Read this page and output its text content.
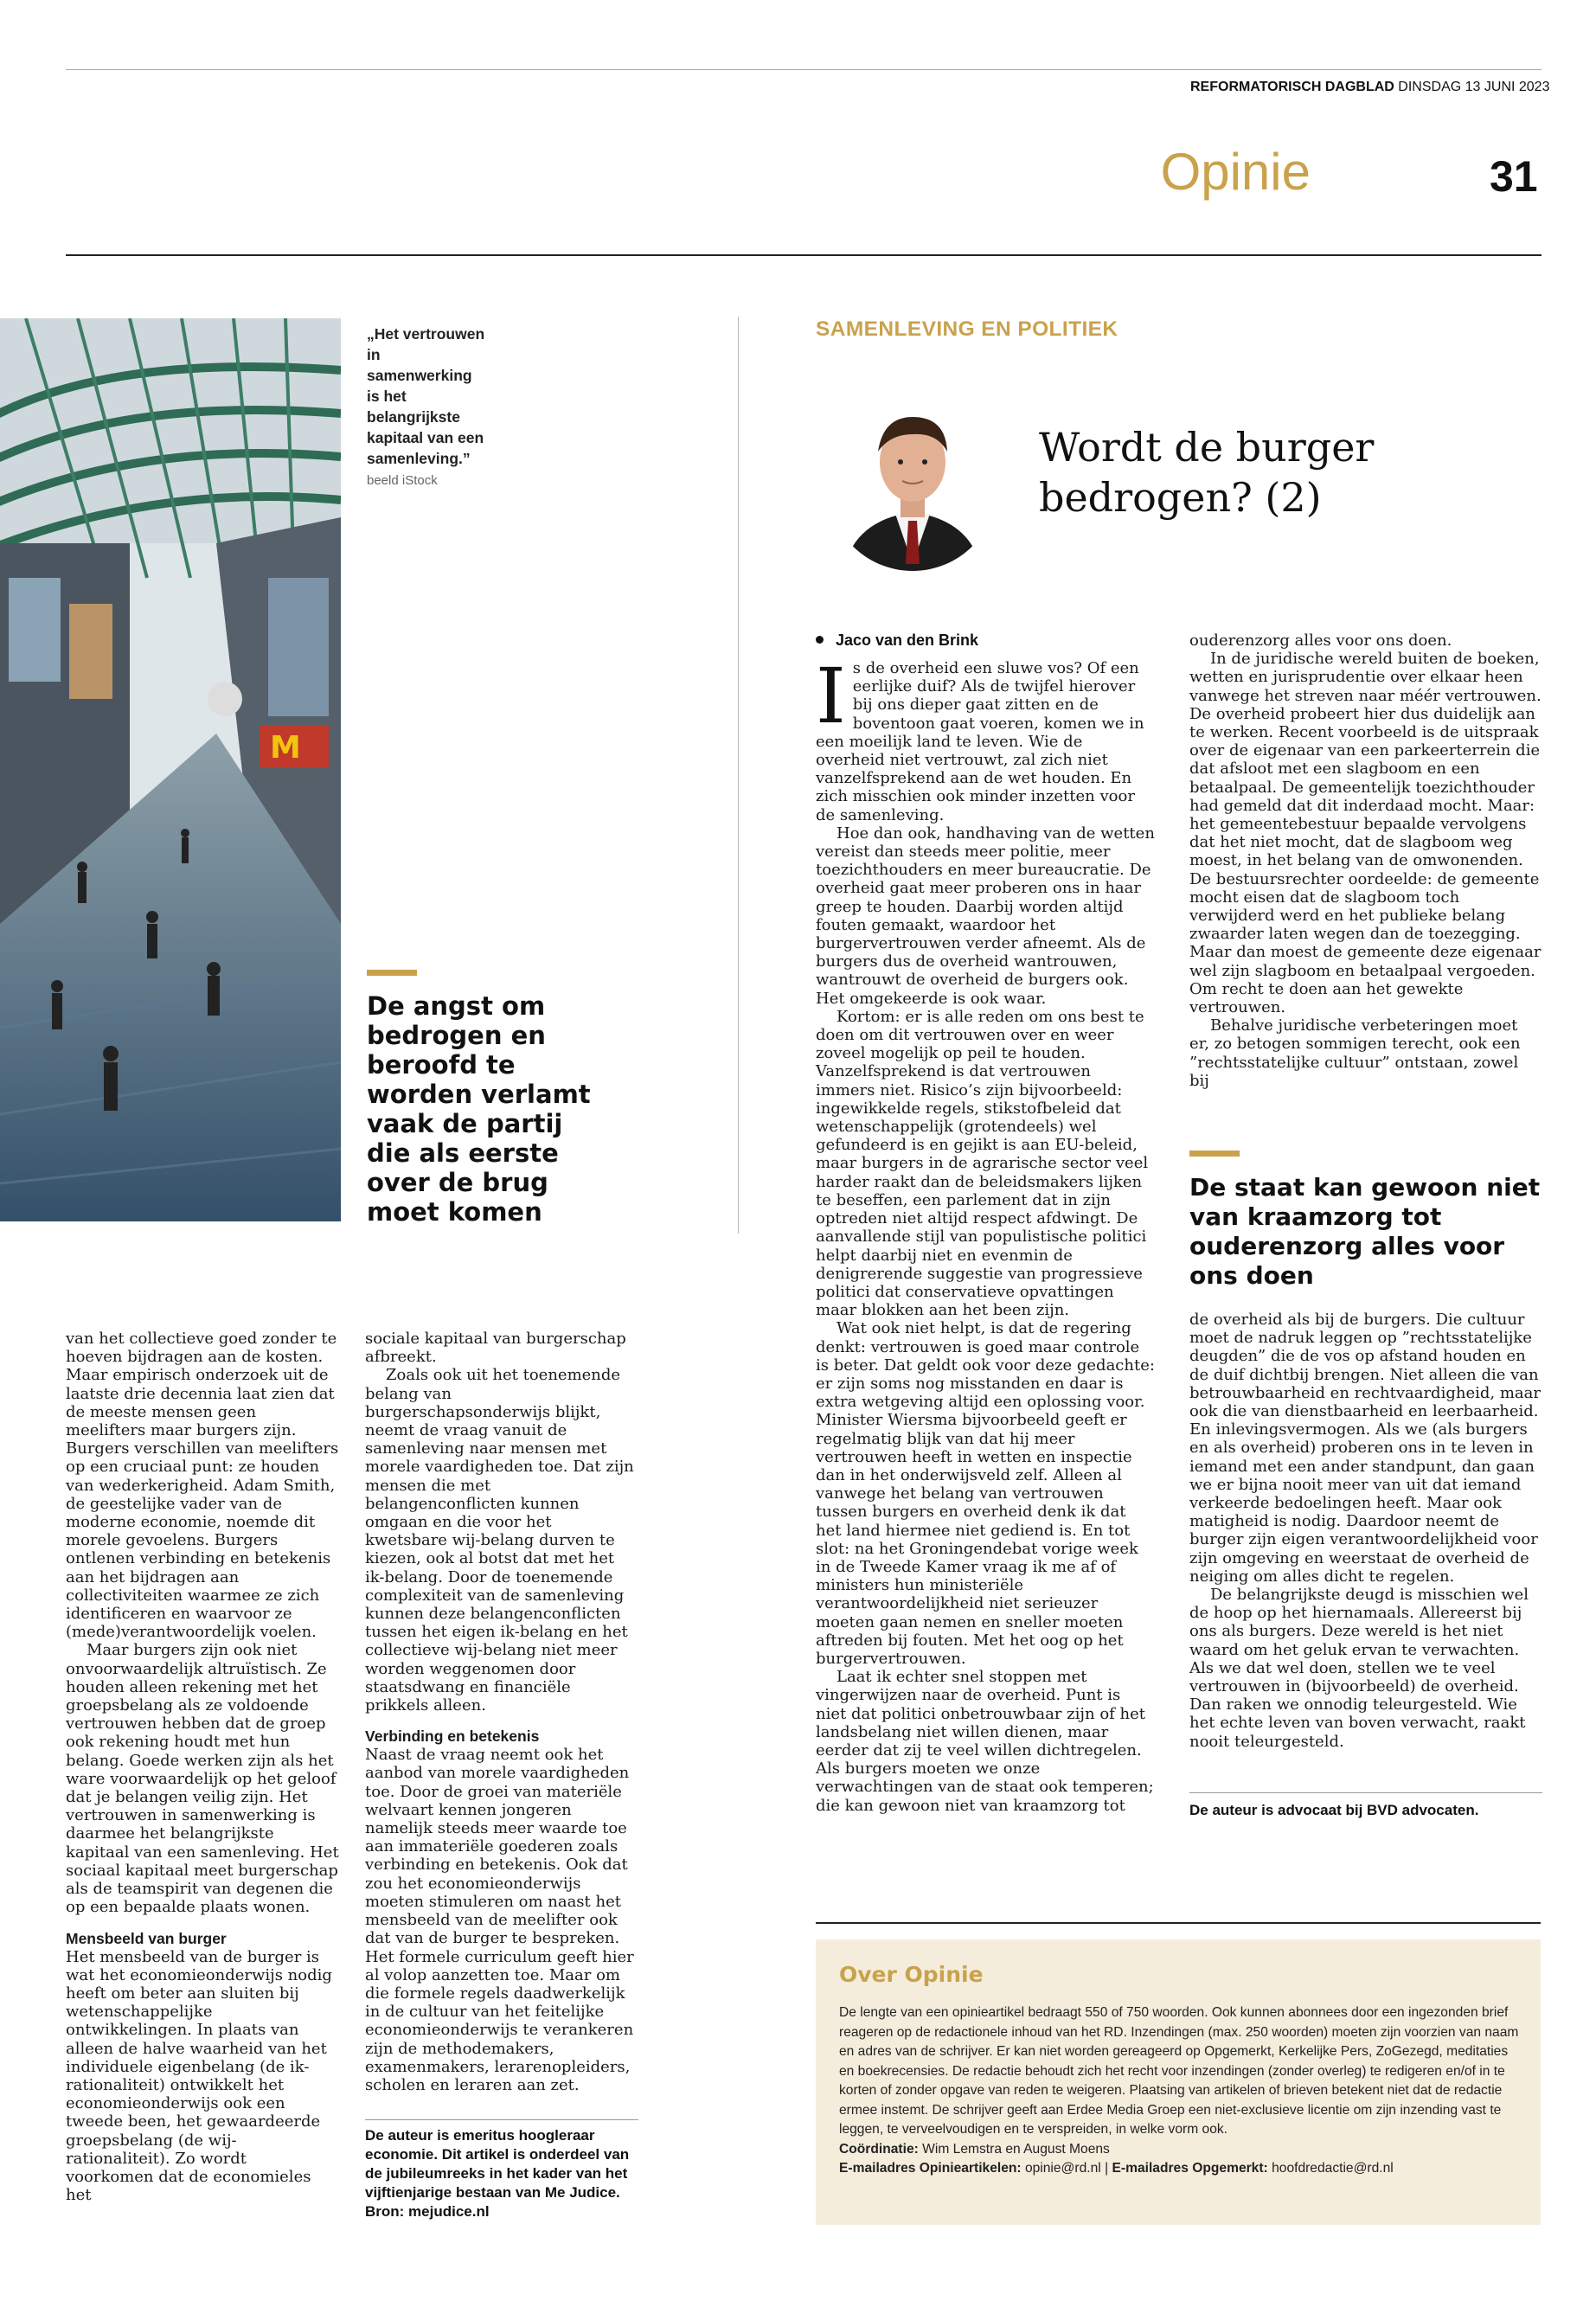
REFORMATORISCH DAGBLAD DINSDAG 13 JUNI 2023
Opinie	31
M
„Het vertrouwen in samenwerking is het belangrijkste kapitaal van een samenleving.” beeld iStock
De angst om bedrogen en beroofd te worden verlamt vaak de partij die als eerste over de brug moet komen

van het collectieve goed zonder te hoeven bijdragen aan de kosten. Maar empirisch onderzoek uit de laatste drie decennia laat zien dat de meeste mensen geen meelifters maar burgers zijn. Burgers verschillen van meelifters op een cruciaal punt: ze houden van wederkerigheid. Adam Smith, de geestelijke vader van de moderne economie, noemde dit morele gevoelens. Burgers ontlenen verbinding en betekenis aan het bijdragen aan collectiviteiten waarmee ze zich identificeren en waarvoor ze (mede)verantwoordelijk voelen.

Maar burgers zijn ook niet onvoorwaardelijk altruïstisch. Ze houden alleen rekening met het groepsbelang als ze voldoende vertrouwen hebben dat de groep ook rekening houdt met hun belang. Goede werken zijn als het ware voorwaardelijk op het geloof dat je belangen veilig zijn. Het vertrouwen in samenwerking is daarmee het belangrijkste kapitaal van een samenleving. Het sociaal kapitaal meet burgerschap als de teamspirit van degenen die op een bepaalde plaats wonen.

Mensbeeld van burger

Het mensbeeld van de burger is wat het economieonderwijs nodig heeft om beter aan sluiten bij wetenschappelijke ontwikkelingen. In plaats van alleen de halve waarheid van het individuele eigenbelang (de ik-rationaliteit) ontwikkelt het economieonderwijs ook een tweede been, het gewaardeerde groepsbelang (de wij-rationaliteit). Zo wordt voorkomen dat de economieles het

sociale kapitaal van burgerschap afbreekt.

Zoals ook uit het toenemende belang van burgerschapsonderwijs blijkt, neemt de vraag vanuit de samenleving naar mensen met morele vaardigheden toe. Dat zijn mensen die met belangenconflicten kunnen omgaan en die voor het kwetsbare wij-belang durven te kiezen, ook al botst dat met het ik-belang. Door de toenemende complexiteit van de samenleving kunnen deze belangenconflicten tussen het eigen ik-belang en het collectieve wij-belang niet meer worden weggenomen door staatsdwang en financiële prikkels alleen.

Verbinding en betekenis

Naast de vraag neemt ook het aanbod van morele vaardigheden toe. Door de groei van materiële welvaart kennen jongeren namelijk steeds meer waarde toe aan immateriële goederen zoals verbinding en betekenis. Ook dat zou het economieonderwijs moeten stimuleren om naast het mensbeeld van de meelifter ook dat van de burger te bespreken. Het formele curriculum geeft hier al volop aanzetten toe. Maar om die formele regels daadwerkelijk in de cultuur van het feitelijke economieonderwijs te verankeren zijn de methodemakers, examenmakers, lerarenopleiders, scholen en leraren aan zet.

De auteur is emeritus hoogleraar economie. Dit artikel is onderdeel van de jubileumreeks in het kader van het vijftienjarige bestaan van Me Judice. Bron: mejudice.nl
SAMENLEVING EN POLITIEK
Wordt de burger bedrogen? (2)
Jaco van den Brink

Is de overheid een sluwe vos? Of een eerlijke duif? Als de twijfel hierover bij ons dieper gaat zitten en de boventoon gaat voeren, komen we in een moeilijk land te leven. Wie de overheid niet vertrouwt, zal zich niet vanzelfsprekend aan de wet houden. En zich misschien ook minder inzetten voor de samenleving.

Hoe dan ook, handhaving van de wetten vereist dan steeds meer politie, meer toezichthouders en meer bureaucratie. De overheid gaat meer proberen ons in haar greep te houden. Daarbij worden altijd fouten gemaakt, waardoor het burgervertrouwen verder afneemt. Als de burgers dus de overheid wantrouwen, wantrouwt de overheid de burgers ook. Het omgekeerde is ook waar.

Kortom: er is alle reden om ons best te doen om dit vertrouwen over en weer zoveel mogelijk op peil te houden. Vanzelfsprekend is dat vertrouwen immers niet. Risico’s zijn bijvoorbeeld: ingewikkelde regels, stikstofbeleid dat wetenschappelijk (grotendeels) wel gefundeerd is en gejikt is aan EU-beleid, maar burgers in de agrarische sector veel harder raakt dan de beleidsmakers lijken te beseffen, een parlement dat in zijn optreden niet altijd respect afdwingt. De aanvallende stijl van populistische politici helpt daarbij niet en evenmin de denigrerende suggestie van progressieve politici dat conservatieve opvattingen maar blokken aan het been zijn.

Wat ook niet helpt, is dat de regering denkt: vertrouwen is goed maar controle is beter. Dat geldt ook voor deze gedachte: er zijn soms nog misstanden en daar is extra wetgeving altijd een oplossing voor. Minister Wiersma bijvoorbeeld geeft er regelmatig blijk van dat hij meer vertrouwen heeft in wetten en inspectie dan in het onderwijsveld zelf. Alleen al vanwege het belang van vertrouwen tussen burgers en overheid denk ik dat het land hiermee niet gediend is. En tot slot: na het Groningendebat vorige week in de Tweede Kamer vraag ik me af of ministers hun ministeriële verantwoordelijkheid niet serieuzer moeten gaan nemen en sneller moeten aftreden bij fouten. Met het oog op het burgervertrouwen.

Laat ik echter snel stoppen met vingerwijzen naar de overheid. Punt is niet dat politici onbetrouwbaar zijn of het landsbelang niet willen dienen, maar eerder dat zij te veel willen dichtregelen. Als burgers moeten we onze verwachtingen van de staat ook temperen; die kan gewoon niet van kraamzorg tot

ouderenzorg alles voor ons doen.

In de juridische wereld buiten de boeken, wetten en jurisprudentie over elkaar heen vanwege het streven naar méér vertrouwen. De overheid probeert hier dus duidelijk aan te werken. Recent voorbeeld is de uitspraak over de eigenaar van een parkeerterrein die dat afsloot met een slagboom en een betaalpaal. De gemeentelijk toezichthouder had gemeld dat dit inderdaad mocht. Maar: het gemeentebestuur bepaalde vervolgens dat het niet mocht, dat de slagboom weg moest, in het belang van de omwonenden. De bestuursrechter oordeelde: de gemeente mocht eisen dat de slagboom toch verwijderd werd en het publieke belang zwaarder laten wegen dan de toezegging. Maar dan moest de gemeente deze eigenaar wel zijn slagboom en betaalpaal vergoeden. Om recht te doen aan het gewekte vertrouwen.

Behalve juridische verbeteringen moet er, zo betogen sommigen terecht, ook een ”rechtsstatelijke cultuur” ontstaan, zowel bij

De staat kan gewoon niet van kraamzorg tot ouderenzorg alles voor ons doen

de overheid als bij de burgers. Die cultuur moet de nadruk leggen op ”rechtsstatelijke deugden” die de vos op afstand houden en de duif dichtbij brengen. Niet alleen die van betrouwbaarheid en rechtvaardigheid, maar ook die van dienstbaarheid en leerbaarheid. En inlevingsvermogen. Als we (als burgers en als overheid) proberen ons in te leven in iemand met een ander standpunt, dan gaan we er bijna nooit meer van uit dat iemand verkeerde bedoelingen heeft. Maar ook matigheid is nodig. Daardoor neemt de burger zijn eigen verantwoordelijkheid voor zijn omgeving en weerstaat de overheid de neiging om alles dicht te regelen.

De belangrijkste deugd is misschien wel de hoop op het hiernamaals. Allereerst bij ons als burgers. Deze wereld is het niet waard om het geluk ervan te verwachten. Als we dat wel doen, stellen we te veel vertrouwen in (bijvoorbeeld) de overheid. Dan raken we onnodig teleurgesteld. Wie het echte leven van boven verwacht, raakt nooit teleurgesteld.

De auteur is advocaat bij BVD advocaten.
Over Opinie
De lengte van een opinieartikel bedraagt 550 of 750 woorden. Ook kunnen abonnees door een ingezonden brief reageren op de redactionele inhoud van het RD. Inzendingen (max. 250 woorden) moeten zijn voorzien van naam en adres van de schrijver. Er kan niet worden gereageerd op Opgemerkt, Kerkelijke Pers, ZoGezegd, meditaties en boekrecensies. De redactie behoudt zich het recht voor inzendingen (zonder overleg) te redigeren en/of in te korten of zonder opgave van reden te weigeren. Plaatsing van artikelen of brieven betekent niet dat de redactie ermee instemt. De schrijver geeft aan Erdee Media Groep een niet-exclusieve licentie om zijn inzending vast te leggen, te verveelvoudigen en te verspreiden, in welke vorm ook.
Coördinatie: Wim Lemstra en August Moens
E-mailadres Opinieartikelen: opinie@rd.nl | E-mailadres Opgemerkt: hoofdredactie@rd.nl
